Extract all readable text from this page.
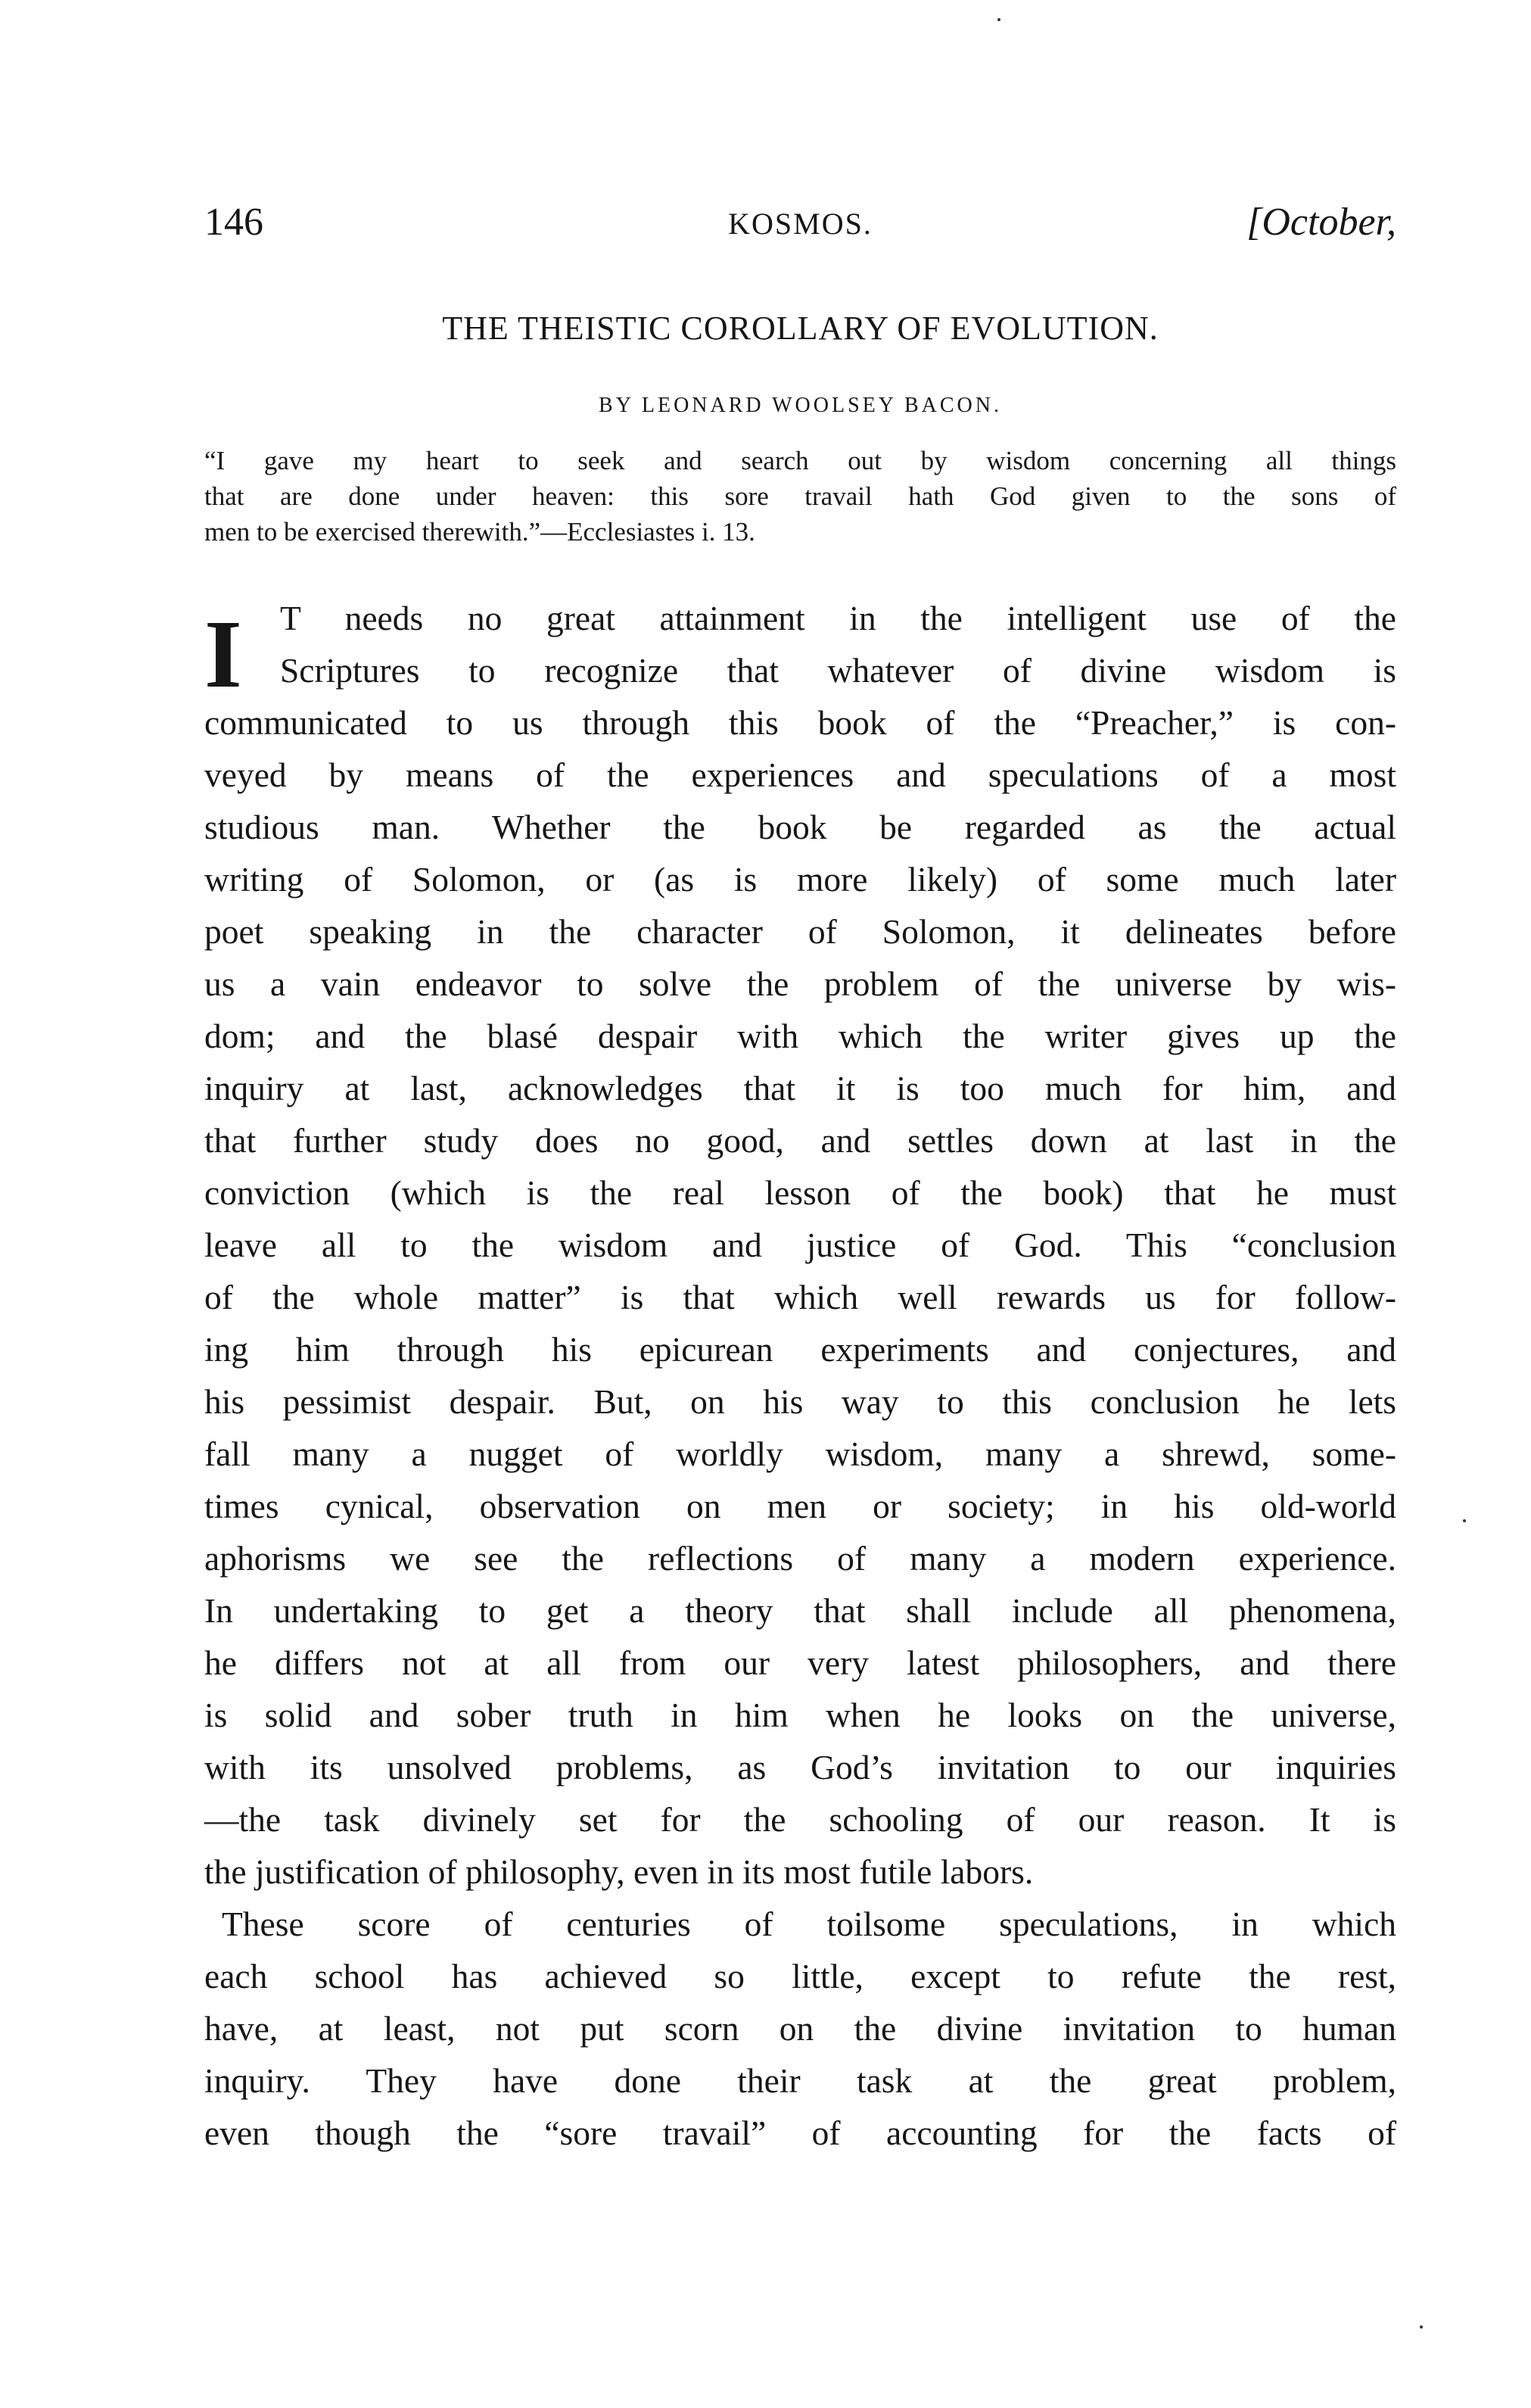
146	KOSMOS.	[October,
THE THEISTIC COROLLARY OF EVOLUTION.
BY LEONARD WOOLSEY BACON.
“I gave my heart to seek and search out by wisdom concerning all things
that are done under heaven: this sore travail hath God given to the sons of
men to be exercised therewith.”—Ecclesiastes i. 13.
I	T needs no great attainment in the intelligent use of the
Scriptures to recognize that whatever of divine wisdom is
communicated to us through this book of the “Preacher,” is con-
veyed by means of the experiences and speculations of a most
studious man. Whether the book be regarded as the actual
writing of Solomon, or (as is more likely) of some much later
poet speaking in the character of Solomon, it delineates before
us a vain endeavor to solve the problem of the universe by wis-
dom; and the blasé despair with which the writer gives up the
inquiry at last, acknowledges that it is too much for him, and
that further study does no good, and settles down at last in the
conviction (which is the real lesson of the book) that he must
leave all to the wisdom and justice of God. This “conclusion
of the whole matter” is that which well rewards us for follow-
ing him through his epicurean experiments and conjectures, and
his pessimist despair. But, on his way to this conclusion he lets
fall many a nugget of worldly wisdom, many a shrewd, some-
times cynical, observation on men or society; in his old-world
aphorisms we see the reflections of many a modern experience.
In undertaking to get a theory that shall include all phenomena,
he differs not at all from our very latest philosophers, and there
is solid and sober truth in him when he looks on the universe,
with its unsolved problems, as God’s invitation to our inquiries
—the task divinely set for the schooling of our reason. It is
the justification of philosophy, even in its most futile labors.
These score of centuries of toilsome speculations, in which
each school has achieved so little, except to refute the rest,
have, at least, not put scorn on the divine invitation to human
inquiry. They have done their task at the great problem,
even though the “sore travail” of accounting for the facts of
